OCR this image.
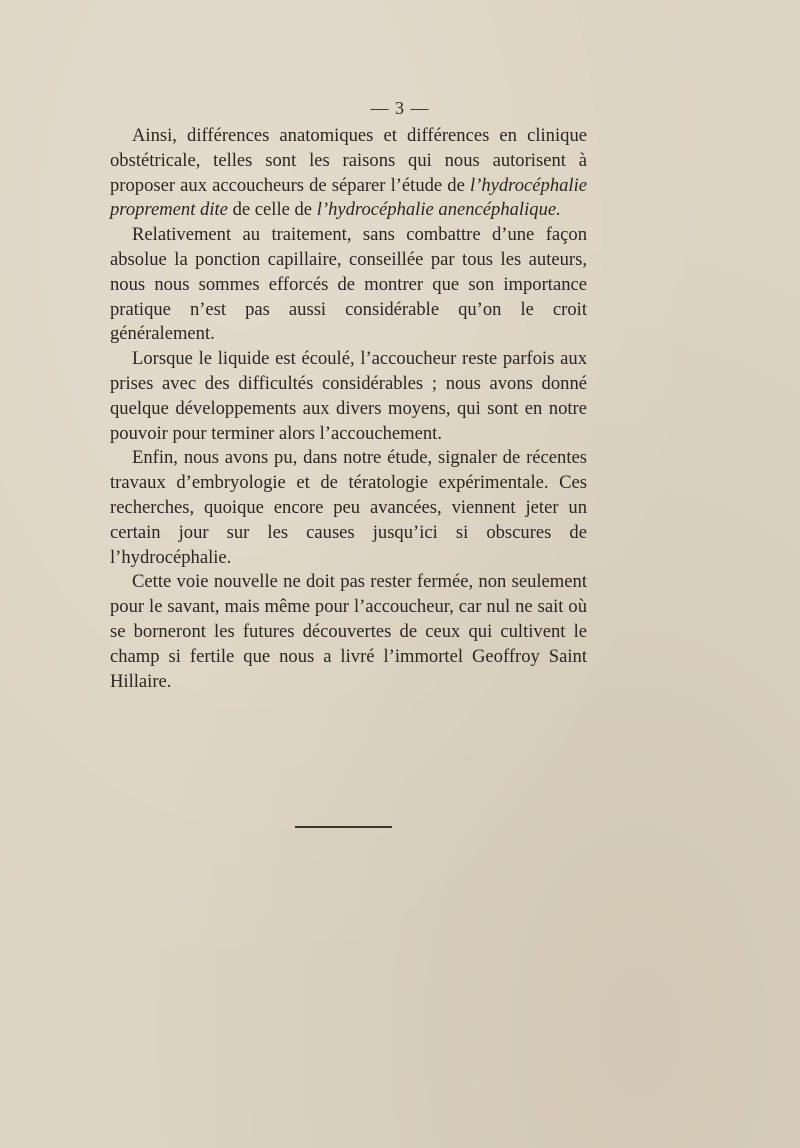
— 3 —

Ainsi, différences anatomiques et différences en clinique obstétricale, telles sont les raisons qui nous autorisent à proposer aux accoucheurs de séparer l’étude de l’hydrocéphalie proprement dite de celle de l’hydrocéphalie anencéphalique.

Relativement au traitement, sans combattre d’une façon absolue la ponction capillaire, conseillée par tous les auteurs, nous nous sommes efforcés de montrer que son importance pratique n’est pas aussi considérable qu’on le croit généralement.

Lorsque le liquide est écoulé, l’accoucheur reste parfois aux prises avec des difficultés considérables ; nous avons donné quelque développements aux divers moyens, qui sont en notre pouvoir pour terminer alors l’accouchement.

Enfin, nous avons pu, dans notre étude, signaler de récentes travaux d’embryologie et de tératologie expérimentale. Ces recherches, quoique encore peu avancées, viennent jeter un certain jour sur les causes jusqu’ici si obscures de l’hydrocéphalie.

Cette voie nouvelle ne doit pas rester fermée, non seulement pour le savant, mais même pour l’accoucheur, car nul ne sait où se borneront les futures découvertes de ceux qui cultivent le champ si fertile que nous a livré l’immortel Geoffroy Saint Hillaire.
